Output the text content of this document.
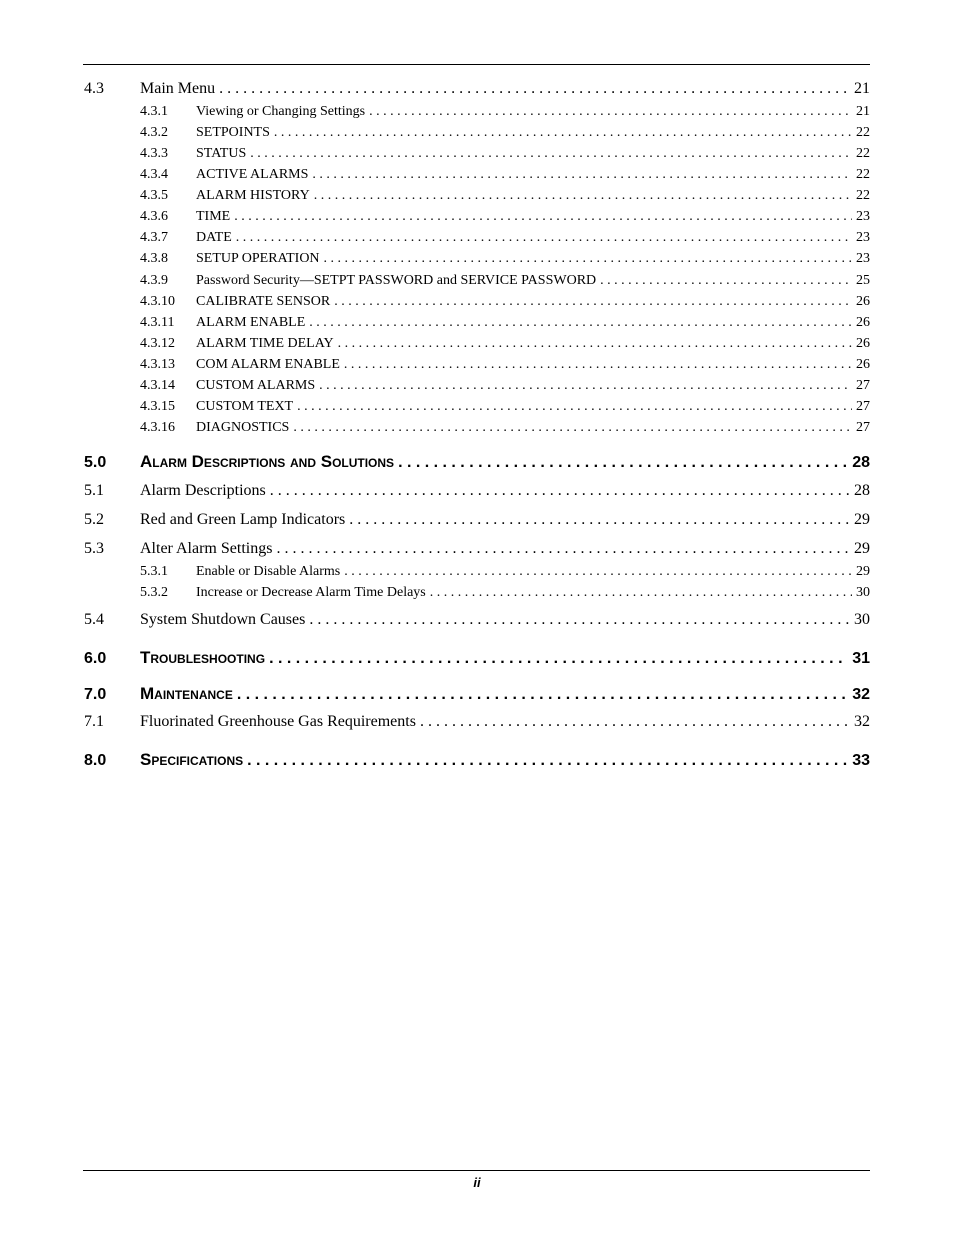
4.3	Main Menu . . .	21
4.3.1	Viewing or Changing Settings . . .	21
4.3.2	SETPOINTS . . .	22
4.3.3	STATUS . . .	22
4.3.4	ACTIVE ALARMS . . .	22
4.3.5	ALARM HISTORY . . .	22
4.3.6	TIME . . .	23
4.3.7	DATE . . .	23
4.3.8	SETUP OPERATION . . .	23
4.3.9	Password Security—SETPT PASSWORD and SERVICE PASSWORD . . .	25
4.3.10	CALIBRATE SENSOR . . .	26
4.3.11	ALARM ENABLE . . .	26
4.3.12	ALARM TIME DELAY . . .	26
4.3.13	COM ALARM ENABLE . . .	26
4.3.14	CUSTOM ALARMS . . .	27
4.3.15	CUSTOM TEXT . . .	27
4.3.16	DIAGNOSTICS . . .	27
5.0	Alarm Descriptions and Solutions . . .	28
5.1	Alarm Descriptions . . .	28
5.2	Red and Green Lamp Indicators . . .	29
5.3	Alter Alarm Settings . . .	29
5.3.1	Enable or Disable Alarms . . .	29
5.3.2	Increase or Decrease Alarm Time Delays . . .	30
5.4	System Shutdown Causes . . .	30
6.0	Troubleshooting . . .	31
7.0	Maintenance . . .	32
7.1	Fluorinated Greenhouse Gas Requirements . . .	32
8.0	Specifications . . .	33
ii
